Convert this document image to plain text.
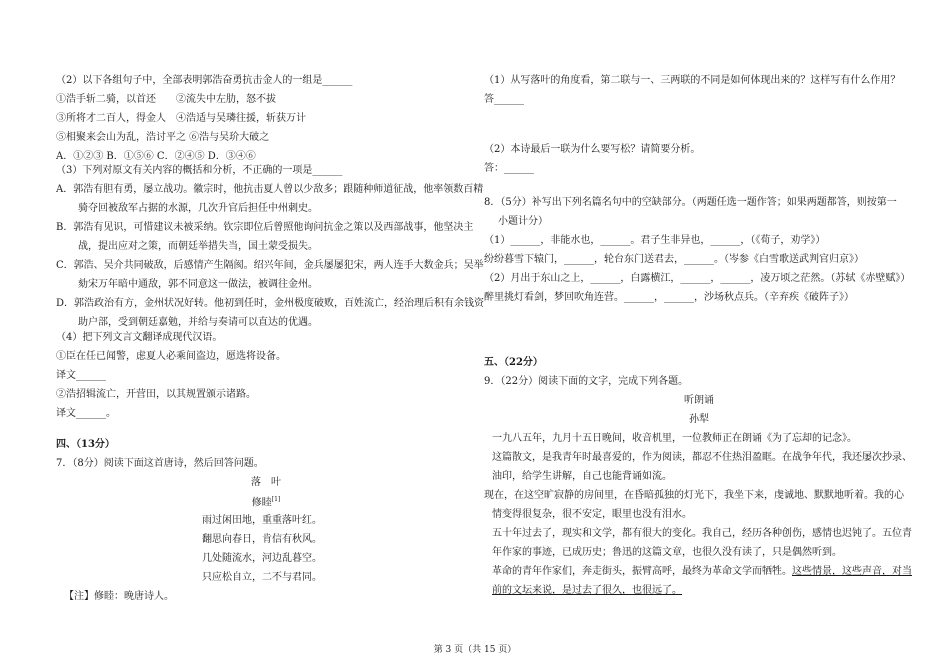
（2）以下各组句子中，全部表明郭浩奋勇抗击金人的一组是______
①浩手斩二骑，以首还　　②流失中左肋，怒不拔
③所将才二百人，得金人　④浩适与吴璘往援，斩获万计
⑤相聚来会山为乱，浩讨平之 ⑥浩与吴玠大破之
A．①②③ B．①⑤⑥ C．②④⑤ D．③④⑥
（3）下列对原文有关内容的概括和分析，不正确的一项是______
A．郭浩有胆有勇，屡立战功。徽宗时，他抗击夏人曾以少敌多；跟随种师道征战，他率领数百精
骑夺回被敌军占据的水源，几次升官后担任中州刺史。
B．郭浩有见识，可惜建议未被采纳。钦宗即位后曾照他询问抗金之策以及西部战事，他坚决主
战，提出应对之策，而朝廷举措失当，国土蒙受损失。
C．郭浩、吴介共同破敌，后感情产生隔阂。绍兴年间，金兵屡屡犯宋，两人连手大数金兵；吴举
劾宋万年暗中通敌，郭不同意这一做法，被调往金州。
D．郭浩政治有方，金州状况好转。他初到任时，金州极度破败，百姓流亡，经治理后积有余钱资
助户部，受到朝廷嘉勉，并给与奏请可以直达的优遇。
（4）把下列文言文翻译成现代汉语。
①臣在任已闻警，虑夏人必乘间盗边，愿选将设备。
译文______
②浩招辑流亡，开营田，以其规置颁示诸路。
译文______。
四、（13分）
7．（8分）阅读下面这首唐诗，然后回答问题。
落　叶
修睦[1]
雨过闲田地，重重落叶红。
翻思向春日，肯信有秋风。
几处随流水，河边乱暮空。
只应松自立，二不与君同。
【注】修睦：晚唐诗人。
（1）从写落叶的角度看，第二联与一、三两联的不同是如何体现出来的？这样写有什么作用？
答______
（2）本诗最后一联为什么要写松？请简要分析。
答：______
8．（5分）补写出下列名篇名句中的空缺部分。（两题任选一题作答；如果两题都答，则按第一
小题计分）
（1）______，非能水也，______。君子生非异也，______，（《荀子，劝学》）
纷纷暮雪下辕门，______，轮台东门送君去，______。（岑参《白雪歌送武判官归京》）
（2）月出于东山之上，______，白露横江，______，______，凌万顷之茫然。（苏轼《赤壁赋》）
醉里挑灯看剑，梦回吹角连营。______，______，沙场秋点兵。（辛弃疾《破阵子》）
五、（22分）
9．（22分）阅读下面的文字，完成下列各题。
听朗诵
孙犁
一九八五年，九月十五日晚间，收音机里，一位教师正在朗诵《为了忘却的记念》。
这篇散文，是我青年时最喜爱的，作为阅读，都忍不住热泪盈眶。在战争年代，我还屡次抄录、
油印，给学生讲解，自己也能背诵如流。
现在，在这空旷寂静的房间里，在昏暗孤独的灯光下，我坐下来，虔诚地、默默地听着。我的心
情变得很复杂，很不安定，眼里也没有泪水。
五十年过去了，现实和文学，都有很大的变化。我自己，经历各种创伤，感情也迟钝了。五位青
年作家的事迹，已成历史；鲁迅的这篇文章，也很久没有读了，只是偶然听到。
革命的青年作家们，奔走街头，振臂高呼，最终为革命文学而牺牲。这些情景，这些声音，对当
前的文坛来说，是过去了很久，也很远了。
第 3 页（共 15 页）
